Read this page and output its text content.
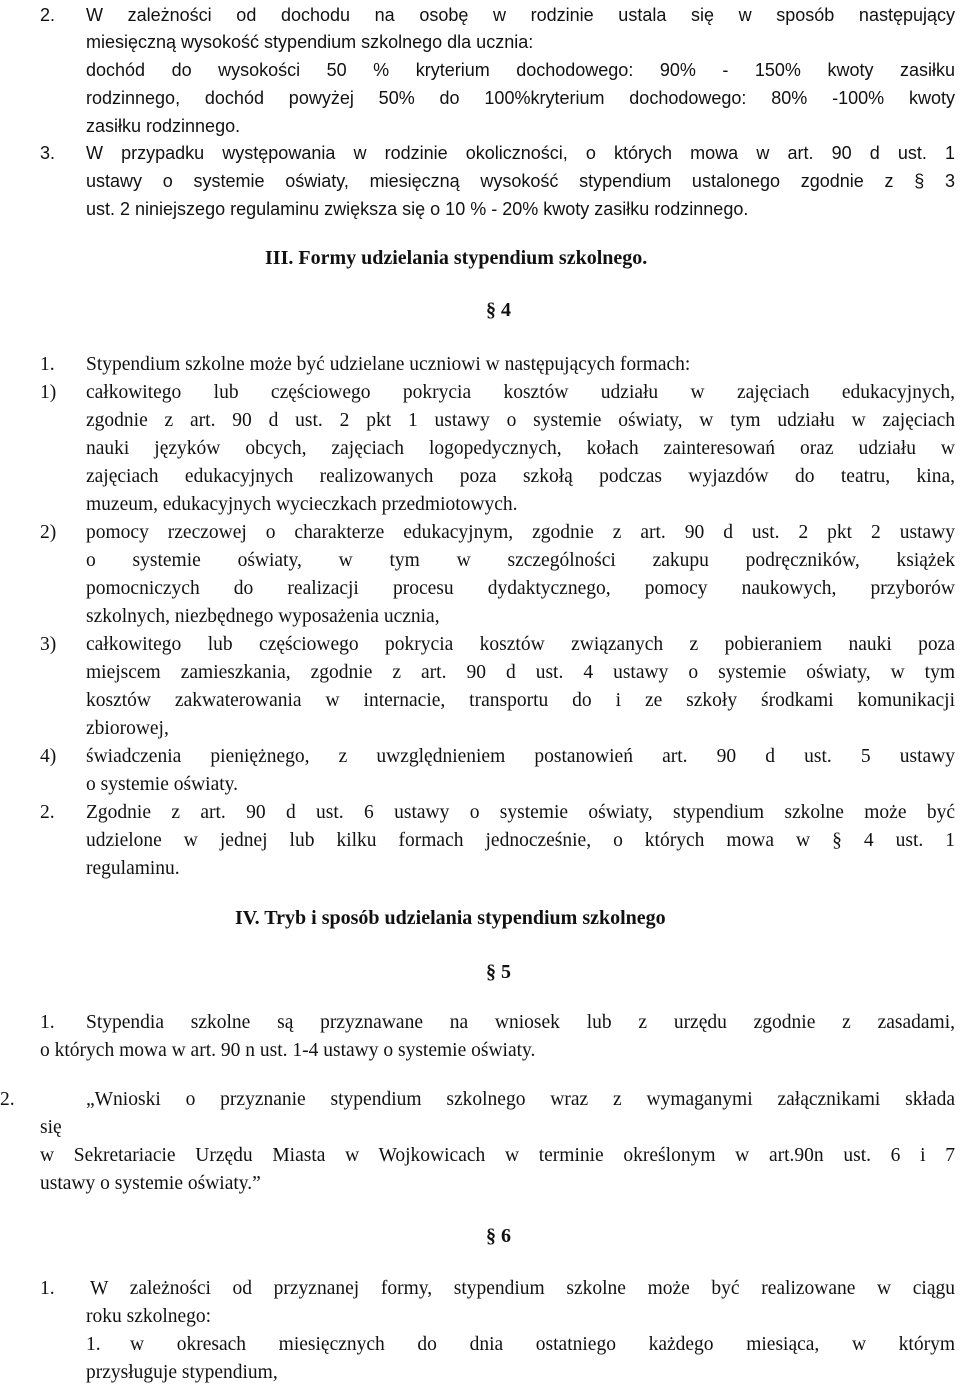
2. W zależności od dochodu na osobę w rodzinie ustala się w sposób następujący
miesięczną wysokość stypendium szkolnego dla ucznia:
dochód do wysokości 50 % kryterium dochodowego: 90% - 150% kwoty zasiłku
rodzinnego, dochód powyżej 50% do 100%kryterium dochodowego: 80% -100% kwoty
zasiłku rodzinnego.
3. W przypadku występowania w rodzinie okoliczności, o których mowa w art. 90 d ust. 1
ustawy o systemie oświaty, miesięczną wysokość stypendium ustalonego zgodnie z § 3
ust. 2 niniejszego regulaminu zwiększa się o 10 % - 20% kwoty zasiłku rodzinnego.
III. Formy udzielania stypendium szkolnego.
§ 4
1. Stypendium szkolne może być udzielane uczniowi w następujących formach:
1) całkowitego lub częściowego pokrycia kosztów udziału w zajęciach edukacyjnych,
zgodnie z art. 90 d ust. 2 pkt 1 ustawy o systemie oświaty, w tym udziału w zajęciach
nauki języków obcych, zajęciach logopedycznych, kołach zainteresowań oraz udziału w
zajęciach edukacyjnych realizowanych poza szkołą podczas wyjazdów do teatru, kina,
muzeum, edukacyjnych wycieczkach przedmiotowych.
2) pomocy rzeczowej o charakterze edukacyjnym, zgodnie z art. 90 d ust. 2 pkt 2 ustawy
o systemie oświaty, w tym w szczególności zakupu podręczników, książek
pomocniczych do realizacji procesu dydaktycznego, pomocy naukowych, przyborów
szkolnych, niezbędnego wyposażenia ucznia,
3) całkowitego lub częściowego pokrycia kosztów związanych z pobieraniem nauki poza
miejscem zamieszkania, zgodnie z art. 90 d ust. 4 ustawy o systemie oświaty, w tym
kosztów zakwaterowania w internacie, transportu do i ze szkoły środkami komunikacji
zbiorowej,
4) świadczenia pieniężnego, z uwzględnieniem postanowień art. 90 d ust. 5 ustawy
o systemie oświaty.
2. Zgodnie z art. 90 d ust. 6 ustawy o systemie oświaty, stypendium szkolne może być
udzielone w jednej lub kilku formach jednocześnie, o których mowa w § 4 ust. 1
regulaminu.
IV. Tryb i sposób udzielania stypendium szkolnego
§ 5
1. Stypendia szkolne są przyznawane na wniosek lub z urzędu zgodnie z zasadami,
o których mowa w art. 90 n ust. 1-4 ustawy o systemie oświaty.
2.	„Wnioski o przyznanie stypendium szkolnego wraz z wymaganymi załącznikami składa
się
w Sekretariacie Urzędu Miasta w Wojkowicach w terminie określonym w art.90n ust. 6 i 7
ustawy o systemie oświaty.”
§ 6
1. W zależności od przyznanej formy, stypendium szkolne może być realizowane w ciągu
roku szkolnego:
1. w okresach miesięcznych do dnia ostatniego każdego miesiąca, w którym
przysługuje stypendium,
